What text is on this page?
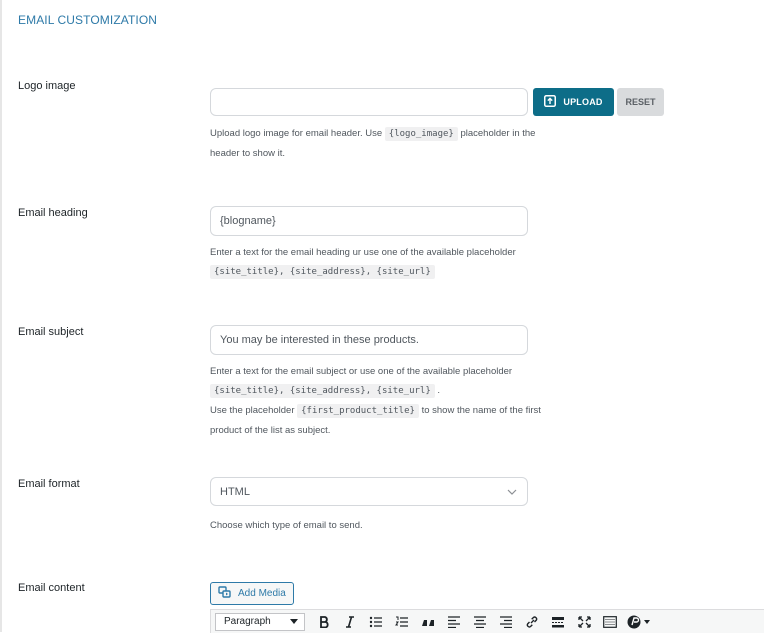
EMAIL CUSTOMIZATION
Logo image
UPLOAD	RESET
Upload logo image for email header. Use {logo_image} placeholder in the
header to show it.
Email heading
{blogname}
Enter a text for the email heading ur use one of the available placeholder
{site_title}, {site_address}, {site_url}
Email subject
You may be interested in these products.
Enter a text for the email subject or use one of the available placeholder
{site_title}, {site_address}, {site_url} .
Use the placeholder {first_product_title} to show the name of the first
product of the list as subject.
Email format
HTML
Choose which type of email to send.
Email content	Add Media
Paragraph
